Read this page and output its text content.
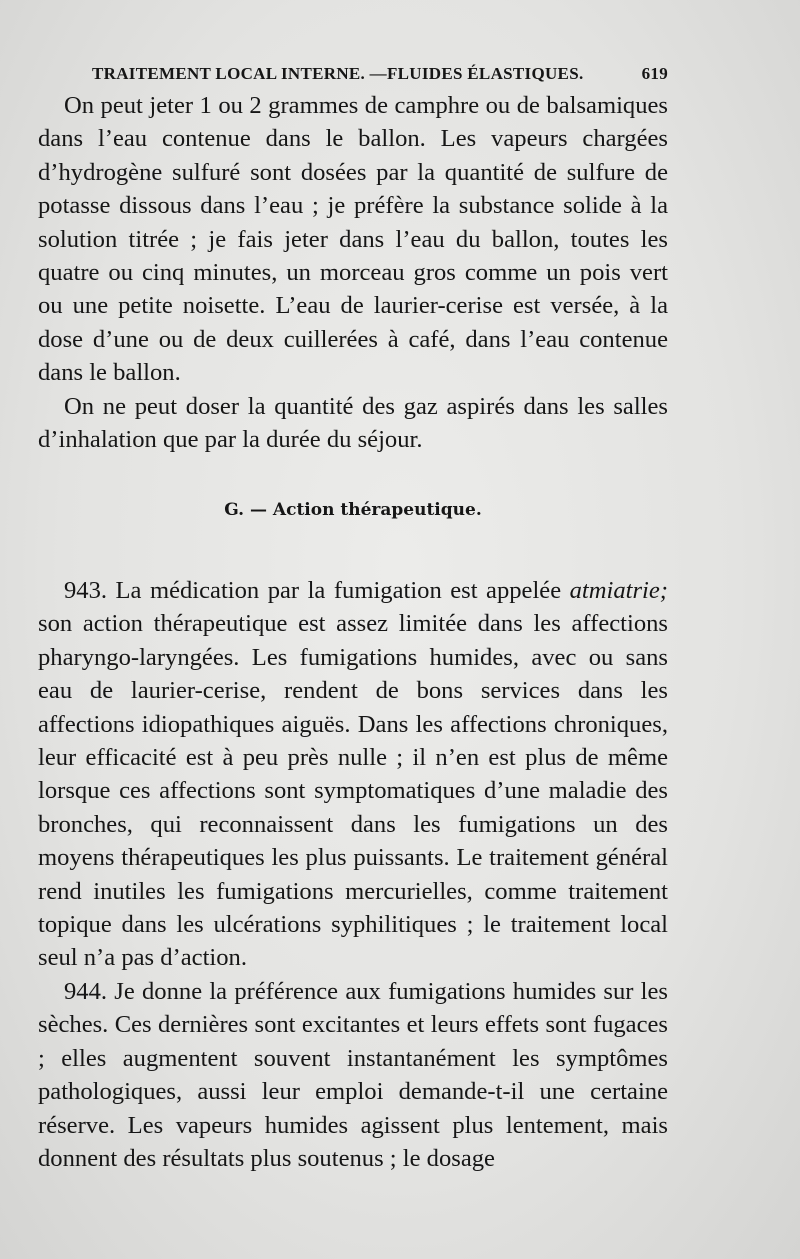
TRAITEMENT LOCAL INTERNE. —FLUIDES ÉLASTIQUES.	619

On peut jeter 1 ou 2 grammes de camphre ou de balsamiques dans l’eau contenue dans le ballon. Les vapeurs chargées d’hydrogène sulfuré sont dosées par la quantité de sulfure de potasse dissous dans l’eau ; je préfère la substance solide à la solution titrée ; je fais jeter dans l’eau du ballon, toutes les quatre ou cinq minutes, un morceau gros comme un pois vert ou une petite noisette. L’eau de laurier-cerise est versée, à la dose d’une ou de deux cuillerées à café, dans l’eau contenue dans le ballon.

On ne peut doser la quantité des gaz aspirés dans les salles d’inhalation que par la durée du séjour.

G. — Action thérapeutique.

943. La médication par la fumigation est appelée atmiatrie; son action thérapeutique est assez limitée dans les affections pharyngo-laryngées. Les fumigations humides, avec ou sans eau de laurier-cerise, rendent de bons services dans les affections idiopathiques aiguës. Dans les affections chroniques, leur efficacité est à peu près nulle ; il n’en est plus de même lorsque ces affections sont symptomatiques d’une maladie des bronches, qui reconnaissent dans les fumigations un des moyens thérapeutiques les plus puissants. Le traitement général rend inutiles les fumigations mercurielles, comme traitement topique dans les ulcérations syphilitiques ; le traitement local seul n’a pas d’action.

944. Je donne la préférence aux fumigations humides sur les sèches. Ces dernières sont excitantes et leurs effets sont fugaces ; elles augmentent souvent instantanément les symptômes pathologiques, aussi leur emploi demande-t-il une certaine réserve. Les vapeurs humides agissent plus lentement, mais donnent des résultats plus soutenus ; le dosage
